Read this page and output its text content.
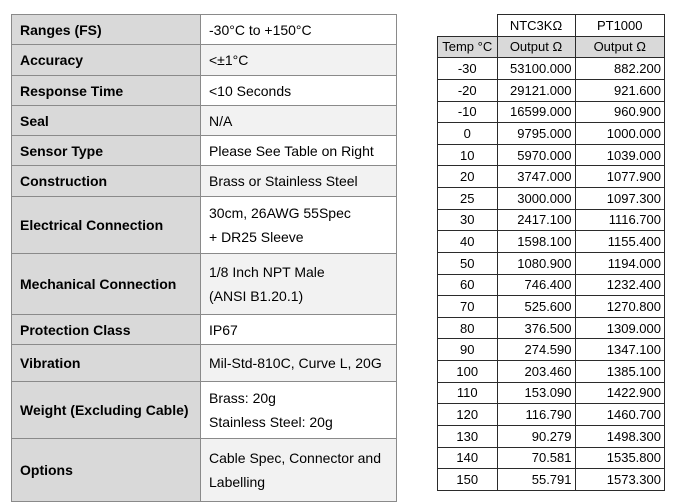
Ranges (FS)	-30°C to +150°C

Accuracy	<±1°C

Response Time	<10 Seconds

Seal	N/A

Sensor Type	Please See Table on Right

Construction	Brass or Stainless Steel

Electrical Connection	30cm, 26AWG 55Spec
+ DR25 Sleeve

Mechanical Connection	1/8 Inch NPT Male
(ANSI B1.20.1)

Protection Class	IP67

Vibration	Mil-Std-810C, Curve L, 20G

Weight (Excluding Cable)	Brass: 20g
Stainless Steel: 20g

Options	Cable Spec, Connector and
Labelling
	NTC3KΩ	PT1000
Temp °C	Output Ω	Output Ω
-30	53100.000	882.200
-20	29121.000	921.600
-10	16599.000	960.900
0	9795.000	1000.000
10	5970.000	1039.000
20	3747.000	1077.900
25	3000.000	1097.300
30	2417.100	1116.700
40	1598.100	1155.400
50	1080.900	1194.000
60	746.400	1232.400
70	525.600	1270.800
80	376.500	1309.000
90	274.590	1347.100
100	203.460	1385.100
110	153.090	1422.900
120	116.790	1460.700
130	90.279	1498.300
140	70.581	1535.800
150	55.791	1573.300
